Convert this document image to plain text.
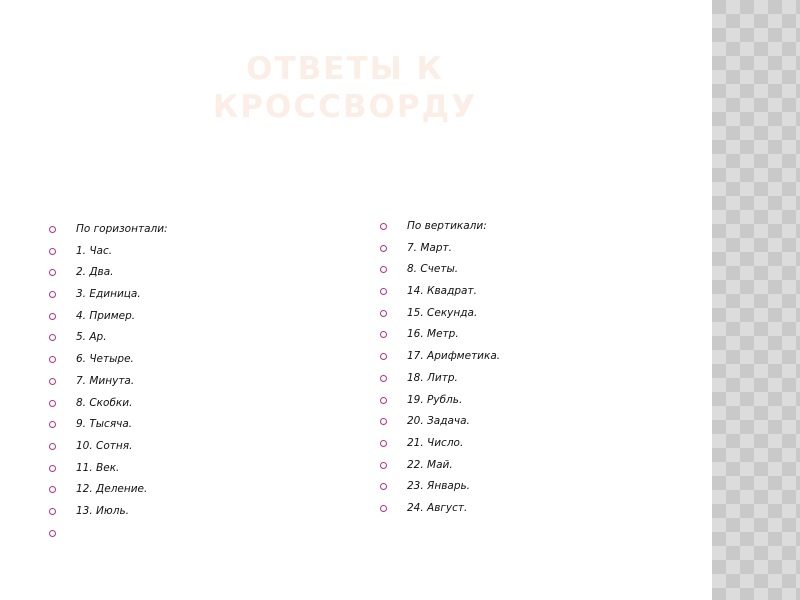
ОТВЕТЫ К КРОССВОРДУ
По горизонтали:
1. Час.
2. Два.
3. Единица.
4. Пример.
5. Ар.
6. Четыре.
7. Минута.
8. Скобки.
9. Тысяча.
10. Сотня.
11. Век.
12. Деление.
13. Июль.
По вертикали:
7. Март.
8. Счеты.
14. Квадрат.
15. Секунда.
16. Метр.
17. Арифметика.
18. Литр.
19. Рубль.
20. Задача.
21. Число.
22. Май.
23. Январь.
24. Август.
